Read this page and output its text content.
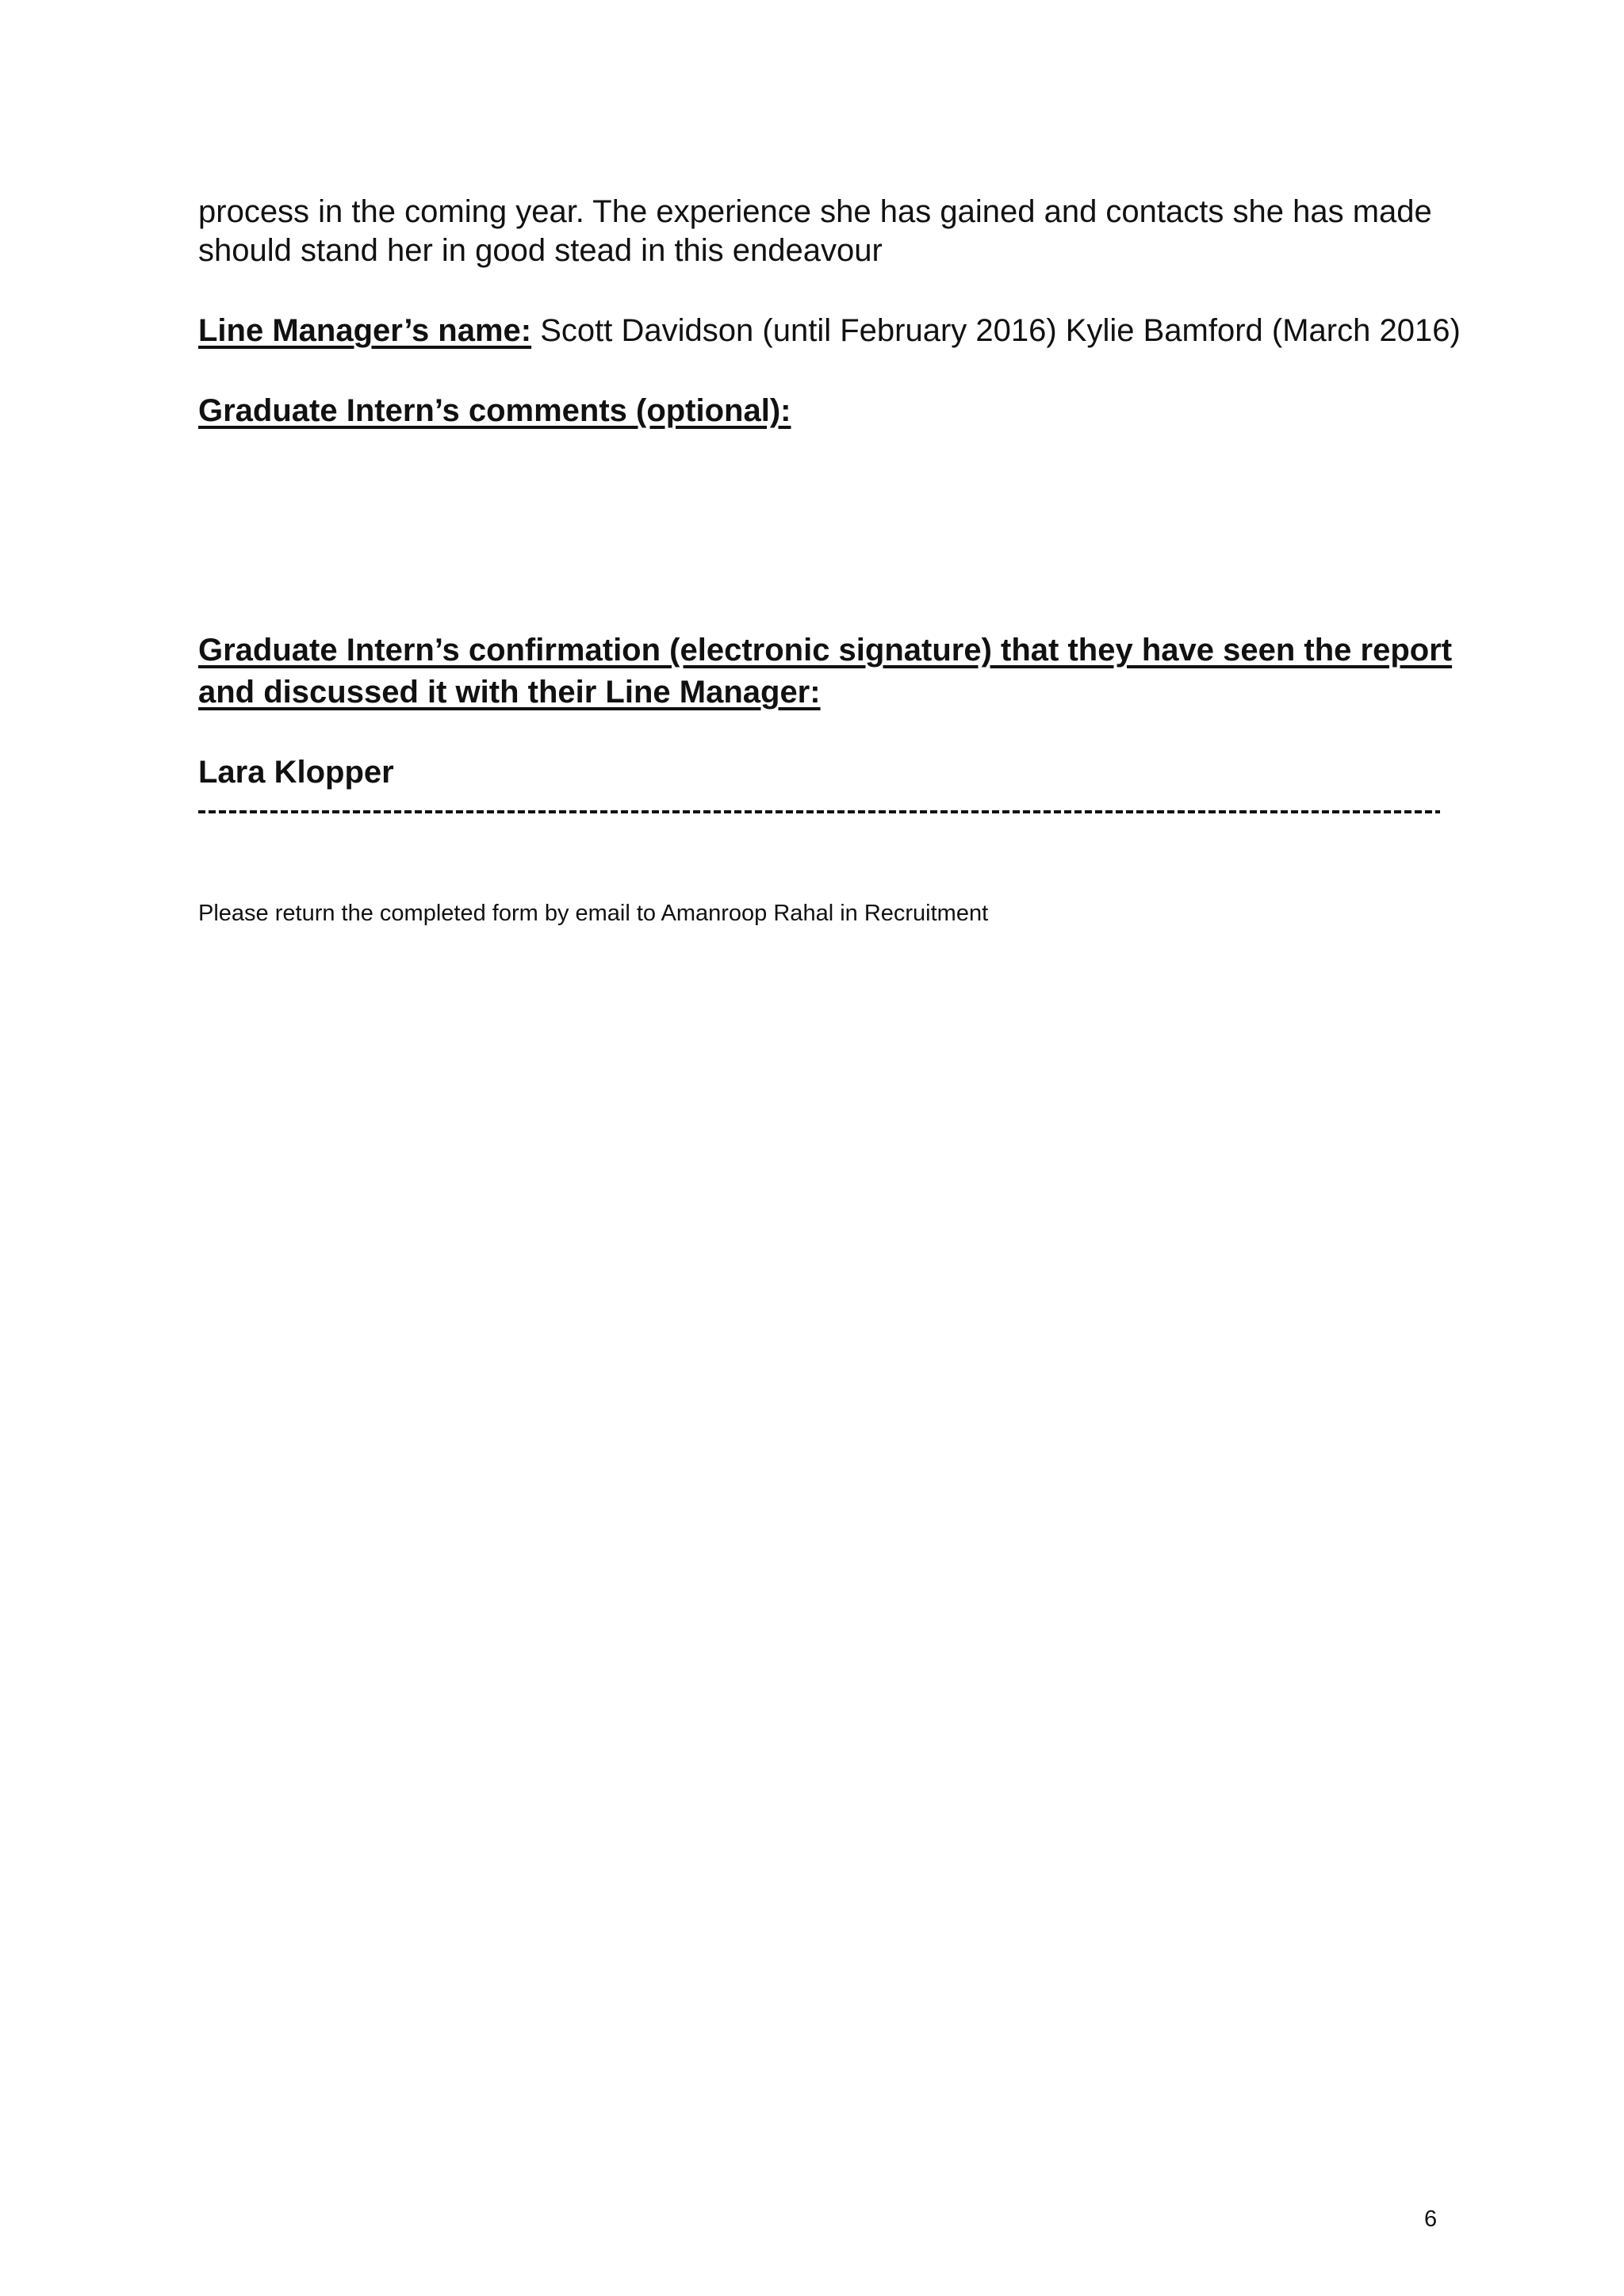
process in the coming year. The experience she has gained and contacts she has made
should stand her in good stead in this endeavour
Line Manager’s name: Scott Davidson (until February 2016) Kylie Bamford (March 2016)
Graduate Intern’s comments (optional):
Graduate Intern’s confirmation (electronic signature) that they have seen the report
and discussed it with their Line Manager:
Lara Klopper
Please return the completed form by email to Amanroop Rahal in Recruitment
6
